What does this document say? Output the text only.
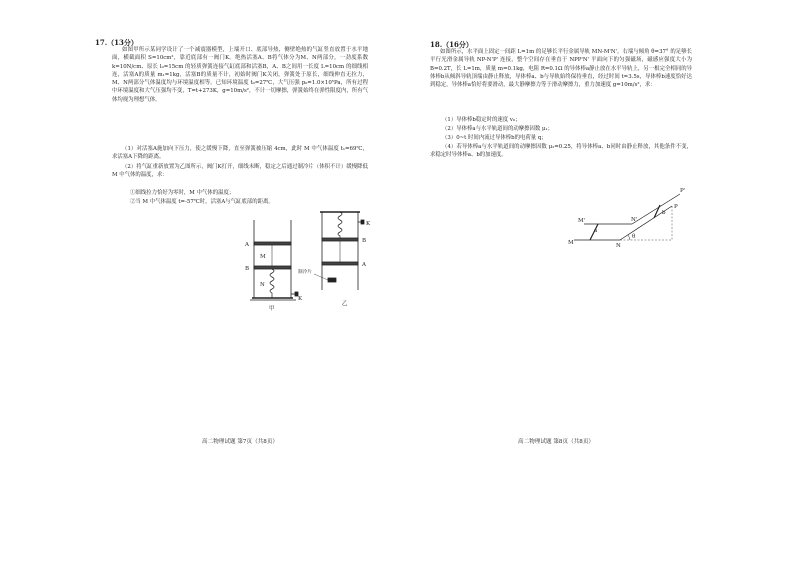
17.（13分）
如图甲所示某同学设计了一个减震器模型，上端开口、底部导热，侧壁绝热的气缸竖直放置于水平地面，横截面积 S=10cm²，靠近底部有一阀门K。绝热活塞A、B将气体分为M、N两部分，一劲度系数 k=10N/cm、原长 l₀=15cm 的轻质弹簧连接气缸底部和活塞B，A、B之间用一长度 L=10cm 的细线相连，活塞A的质量 m₁=1kg，活塞B的质量不计，初始时阀门K关闭，弹簧处于原长，细线伸直无拉力，M、N两部分气体温度均与环境温度相等。已知环境温度 t₀=27℃，大气压强 p₀=1.0×10⁵Pa，所有过程中环境温度和大气压强均不变，T=t+273K，g=10m/s²，不计一切摩擦，弹簧始终在弹性限度内，所有气体均视为理想气体。
（1）对活塞A施加向下压力，使之缓慢下降，直至弹簧被压缩 4cm，此时 M 中气体温度 t₁=69℃，求活塞A下降的距离。
（2）将气缸重新放置为乙图所示，阀门K打开，细线未断，稳定之后通过制冷片（体积不计）缓慢降低 M 中气体的温度，求：
①细线拉力恰好为零时，M 中气体的温度；
②当 M 中气体温度 t=-57℃时，活塞A与气缸底部的距离。
A
B
M
N
K
甲
K
B
A
乙
制冷片
高二物理试题 第7页（共8页）
18.（16分）
如图所示，水平面上固定一间距 L=1m 的足够长平行金属导轨 MN-M'N'，右端与倾角 θ=37° 的足够长平行光滑金属导轨 NP-N'P' 连接，整个空间存在垂直于 NPP'N' 平面向下的匀强磁场，磁感应强度大小为 B=0.2T，长 L=1m，质量 m=0.1kg，电阻 R=0.1Ω 的导体棒a静止放在水平导轨上，另一根完全相同的导体棒b从倾斜导轨顶端由静止释放，导体棒a、b与导轨始终保持垂直，经过时间 t=3.5s，导体棒b速度恰好达到稳定，导体棒a恰好将要滑动，最大静摩擦力等于滑动摩擦力，重力加速度 g=10m/s²，求：
（1）导体棒b稳定时的速度 v₀；
（2）导体棒a与水平轨道间的动摩擦因数 μ₁；
（3）0~t 时间内流过导体棒b的电荷量 q；
（4）若导体棒a与水平轨道间的动摩擦因数 μ₂=0.25，将导体棒a、b同时由静止释放，其他条件不变，求稳定时导体棒a、b的加速度。
M'	N'
P'
P
M	N
a
b
θ
高二物理试题 第8页（共8页）
